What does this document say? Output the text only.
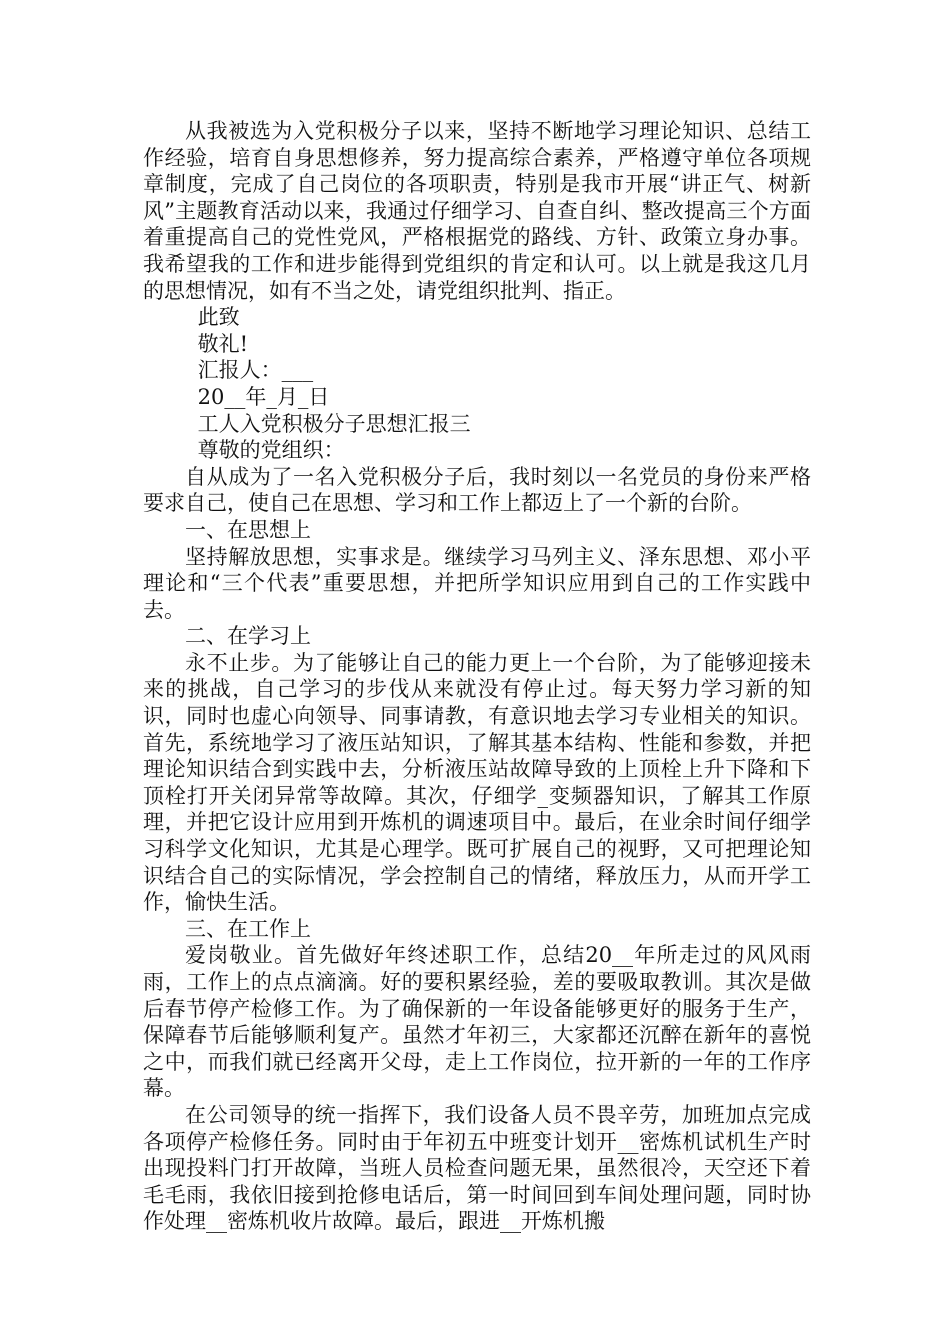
从我被选为入党积极分子以来，坚持不断地学习理论知识、总结工作经验，培育自身思想修养，努力提高综合素养，严格遵守单位各项规章制度，完成了自己岗位的各项职责，特别是我市开展“讲正气、树新风”主题教育活动以来，我通过仔细学习、自查自纠、整改提高三个方面着重提高自己的党性党风，严格根据党的路线、方针、政策立身办事。我希望我的工作和进步能得到党组织的肯定和认可。以上就是我这几月的思想情况，如有不当之处，请党组织批判、指正。

此致

敬礼!

汇报人：___

20__年_月_日

工人入党积极分子思想汇报三

尊敬的党组织：

自从成为了一名入党积极分子后，我时刻以一名党员的身份来严格要求自己，使自己在思想、学习和工作上都迈上了一个新的台阶。

一、在思想上

坚持解放思想，实事求是。继续学习马列主义、泽东思想、邓小平理论和“三个代表”重要思想，并把所学知识应用到自己的工作实践中去。

二、在学习上

永不止步。为了能够让自己的能力更上一个台阶，为了能够迎接未来的挑战，自己学习的步伐从来就没有停止过。每天努力学习新的知识，同时也虚心向领导、同事请教，有意识地去学习专业相关的知识。首先，系统地学习了液压站知识，了解其基本结构、性能和参数，并把理论知识结合到实践中去，分析液压站故障导致的上顶栓上升下降和下顶栓打开关闭异常等故障。其次，仔细学_变频器知识，了解其工作原理，并把它设计应用到开炼机的调速项目中。最后，在业余时间仔细学习科学文化知识，尤其是心理学。既可扩展自己的视野，又可把理论知识结合自己的实际情况，学会控制自己的情绪，释放压力，从而开学工作，愉快生活。

三、在工作上

爱岗敬业。首先做好年终述职工作，总结20__年所走过的风风雨雨，工作上的点点滴滴。好的要积累经验，差的要吸取教训。其次是做后春节停产检修工作。为了确保新的一年设备能够更好的服务于生产，保障春节后能够顺利复产。虽然才年初三，大家都还沉醉在新年的喜悦之中，而我们就已经离开父母，走上工作岗位，拉开新的一年的工作序幕。

在公司领导的统一指挥下，我们设备人员不畏辛劳，加班加点完成各项停产检修任务。同时由于年初五中班变计划开__密炼机试机生产时出现投料门打开故障，当班人员检查问题无果，虽然很冷，天空还下着毛毛雨，我依旧接到抢修电话后，第一时间回到车间处理问题，同时协作处理__密炼机收片故障。最后，跟进__开炼机搬
